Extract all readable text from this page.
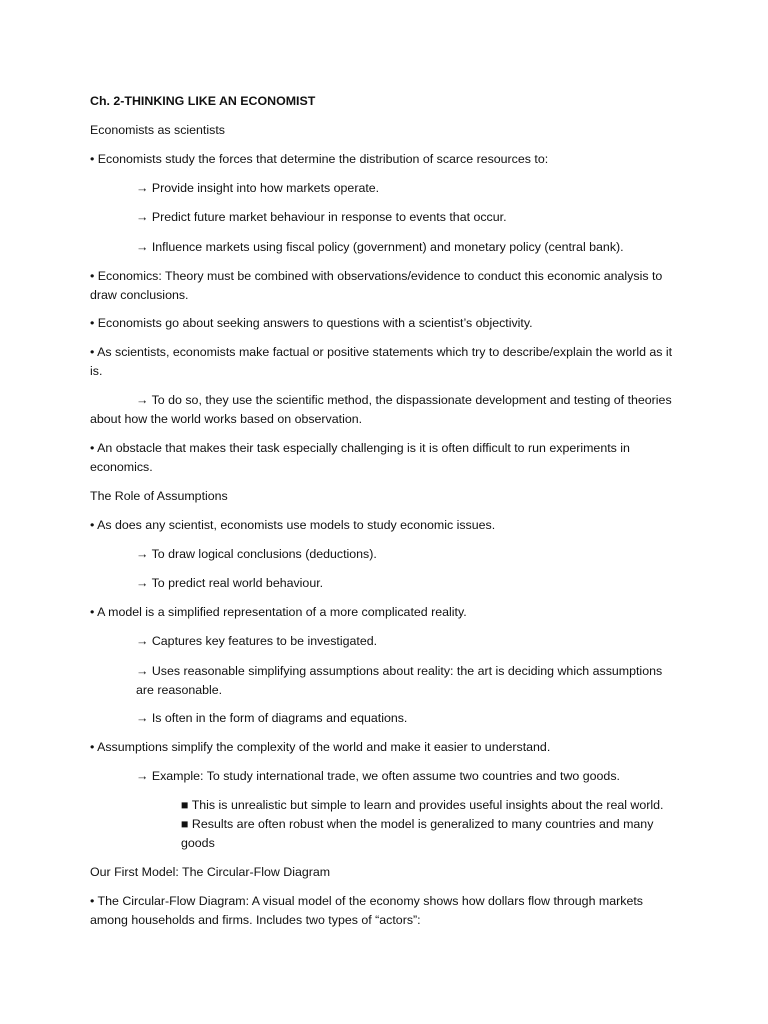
Ch. 2-THINKING LIKE AN ECONOMIST

Economists as scientists

• Economists study the forces that determine the distribution of scarce resources to:

→ Provide insight into how markets operate.

→ Predict future market behaviour in response to events that occur.

→ Influence markets using fiscal policy (government) and monetary policy (central bank).

• Economics: Theory must be combined with observations/evidence to conduct this economic analysis to draw conclusions.

• Economists go about seeking answers to questions with a scientist’s objectivity.

• As scientists, economists make factual or positive statements which try to describe/explain the world as it is.

→ To do so, they use the scientific method, the dispassionate development and testing of theories about how the world works based on observation.

• An obstacle that makes their task especially challenging is it is often difficult to run experiments in economics.

The Role of Assumptions

• As does any scientist, economists use models to study economic issues.

→ To draw logical conclusions (deductions).

→ To predict real world behaviour.

• A model is a simplified representation of a more complicated reality.

→ Captures key features to be investigated.

→ Uses reasonable simplifying assumptions about reality: the art is deciding which assumptions are reasonable.

→ Is often in the form of diagrams and equations.

• Assumptions simplify the complexity of the world and make it easier to understand.

→ Example: To study international trade, we often assume two countries and two goods.

■ This is unrealistic but simple to learn and provides useful insights about the real world.

■ Results are often robust when the model is generalized to many countries and many goods

Our First Model: The Circular-Flow Diagram

• The Circular-Flow Diagram: A visual model of the economy shows how dollars flow through markets among households and firms. Includes two types of “actors”:
